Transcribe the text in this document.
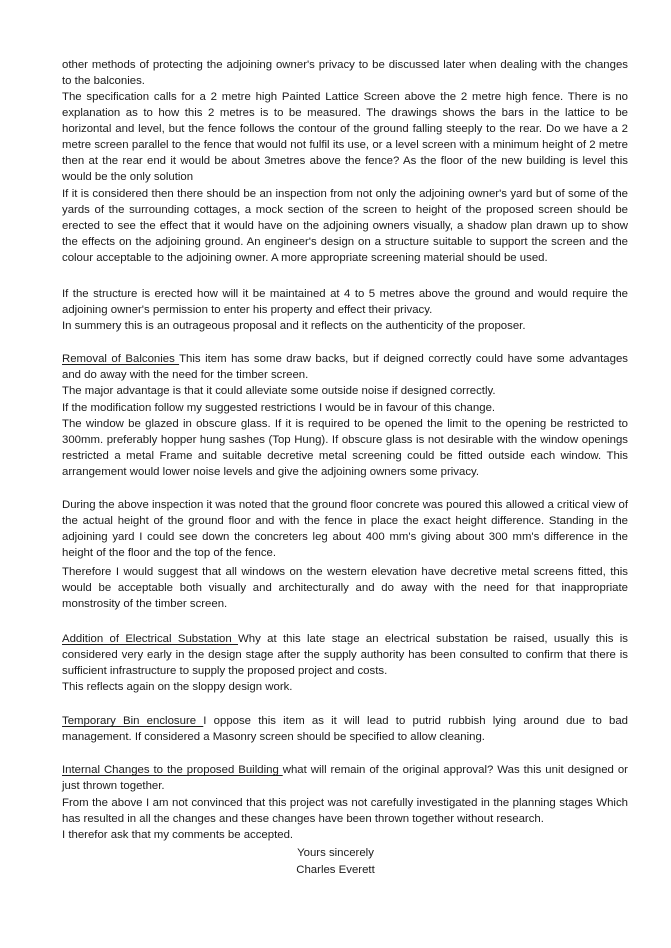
other methods of protecting the adjoining owner's privacy to be discussed later when dealing with the changes to the balconies.

The specification calls for a 2 metre high Painted Lattice Screen above the 2 metre high fence. There is no explanation as to how this 2 metres is to be measured. The drawings shows the bars in the lattice to be horizontal and level, but the fence follows the contour of the ground falling steeply to the rear. Do we have a 2 metre screen parallel to the fence that would not fulfil its use, or a level screen with a minimum height of 2 metre then at the rear end it would be about 3metres above the fence? As the floor of the new building is level this would be the only solution

If it is considered then there should be an inspection from not only the adjoining owner's yard but of some of the yards of the surrounding cottages, a mock section of the screen to height of the proposed screen should be erected to see the effect that it would have on the adjoining owners visually, a shadow plan drawn up to show the effects on the adjoining ground. An engineer's design on a structure suitable to support the screen and the colour acceptable to the adjoining owner. A more appropriate screening material should be used.

If the structure is erected how will it be maintained at 4 to 5 metres above the ground and would require the adjoining owner's permission to enter his property and effect their privacy.

In summery this is an outrageous proposal and it reflects on the authenticity of the proposer.

Removal of Balconies This item has some draw backs, but if deigned correctly could have some advantages and do away with the need for the timber screen.

The major advantage is that it could alleviate some outside noise if designed correctly.

If the modification follow my suggested restrictions I would be in favour of this change.

The window be glazed in obscure glass. If it is required to be opened the limit to the opening be restricted to 300mm. preferably hopper hung sashes (Top Hung). If obscure glass is not desirable with the window openings restricted a metal Frame and suitable decretive metal screening could be fitted outside each window. This arrangement would lower noise levels and give the adjoining owners some privacy.

During the above inspection it was noted that the ground floor concrete was poured this allowed a critical view of the actual height of the ground floor and with the fence in place the exact height difference. Standing in the adjoining yard I could see down the concreters leg about 400 mm's giving about 300 mm's difference in the height of the floor and the top of the fence.

Therefore I would suggest that all windows on the western elevation have decretive metal screens fitted, this would be acceptable both visually and architecturally and do away with the need for that inappropriate monstrosity of the timber screen.

Addition of Electrical Substation Why at this late stage an electrical substation be raised, usually this is considered very early in the design stage after the supply authority has been consulted to confirm that there is sufficient infrastructure to supply the proposed project and costs.

This reflects again on the sloppy design work.

Temporary Bin enclosure I oppose this item as it will lead to putrid rubbish lying around due to bad management. If considered a Masonry screen should be specified to allow cleaning.

Internal Changes to the proposed Building what will remain of the original approval? Was this unit designed or just thrown together.

From the above I am not convinced that this project was not carefully investigated in the planning stages Which has resulted in all the changes and these changes have been thrown together without research.

I therefor ask that my comments be accepted.

Yours sincerely
Charles Everett
